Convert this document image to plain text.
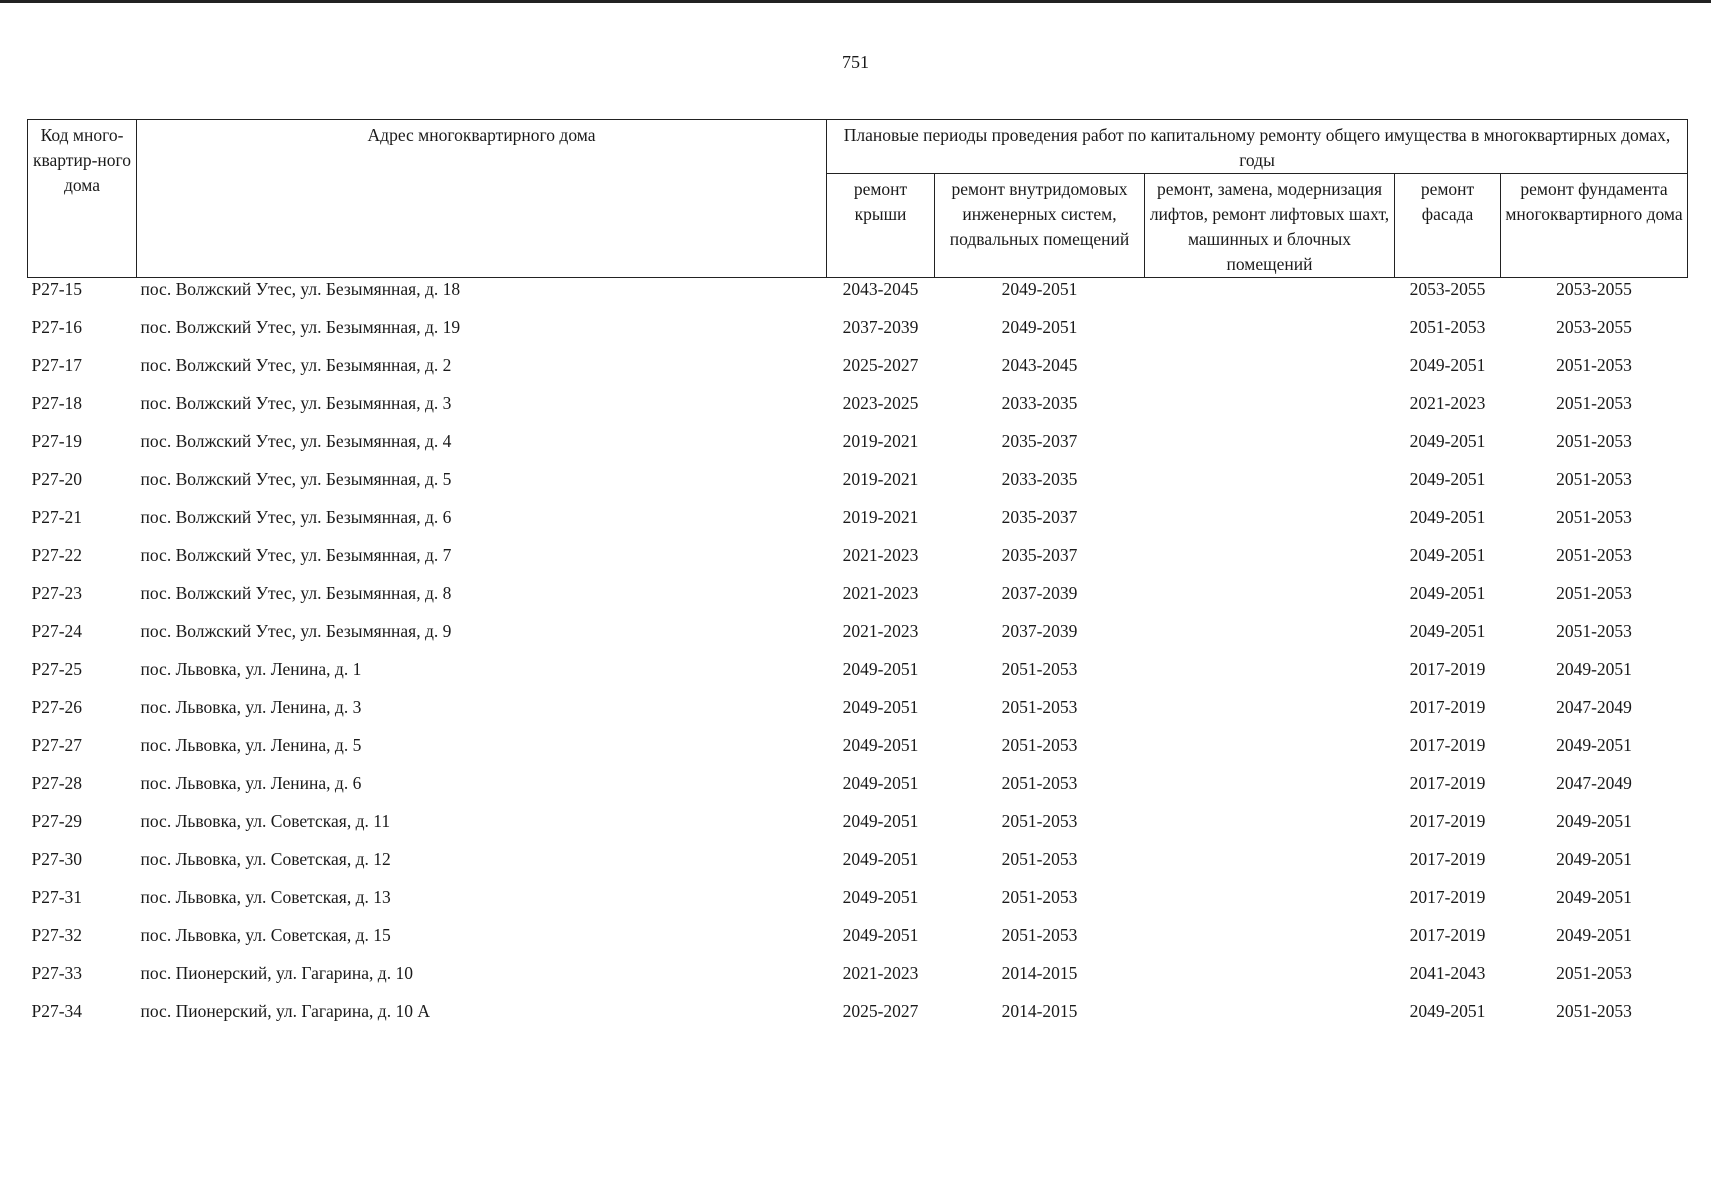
751
Код много-квартир-ного дома	Адрес многоквартирного дома	Плановые периоды проведения работ по капитальному ремонту общего имущества в многоквартирных домах, годы				
		ремонт крыши	ремонт внутридомовых инженерных систем, подвальных помещений	ремонт, замена, модернизация лифтов, ремонт лифтовых шахт, машинных и блочных помещений	ремонт фасада	ремонт фундамента многоквартирного дома
Р27-15	пос. Волжский Утес, ул. Безымянная, д. 18	2043-2045	2049-2051		2053-2055	2053-2055
Р27-16	пос. Волжский Утес, ул. Безымянная, д. 19	2037-2039	2049-2051		2051-2053	2053-2055
Р27-17	пос. Волжский Утес, ул. Безымянная, д. 2	2025-2027	2043-2045		2049-2051	2051-2053
Р27-18	пос. Волжский Утес, ул. Безымянная, д. 3	2023-2025	2033-2035		2021-2023	2051-2053
Р27-19	пос. Волжский Утес, ул. Безымянная, д. 4	2019-2021	2035-2037		2049-2051	2051-2053
Р27-20	пос. Волжский Утес, ул. Безымянная, д. 5	2019-2021	2033-2035		2049-2051	2051-2053
Р27-21	пос. Волжский Утес, ул. Безымянная, д. 6	2019-2021	2035-2037		2049-2051	2051-2053
Р27-22	пос. Волжский Утес, ул. Безымянная, д. 7	2021-2023	2035-2037		2049-2051	2051-2053
Р27-23	пос. Волжский Утес, ул. Безымянная, д. 8	2021-2023	2037-2039		2049-2051	2051-2053
Р27-24	пос. Волжский Утес, ул. Безымянная, д. 9	2021-2023	2037-2039		2049-2051	2051-2053
Р27-25	пос. Львовка, ул. Ленина, д. 1	2049-2051	2051-2053		2017-2019	2049-2051
Р27-26	пос. Львовка, ул. Ленина, д. 3	2049-2051	2051-2053		2017-2019	2047-2049
Р27-27	пос. Львовка, ул. Ленина, д. 5	2049-2051	2051-2053		2017-2019	2049-2051
Р27-28	пос. Львовка, ул. Ленина, д. 6	2049-2051	2051-2053		2017-2019	2047-2049
Р27-29	пос. Львовка, ул. Советская, д. 11	2049-2051	2051-2053		2017-2019	2049-2051
Р27-30	пос. Львовка, ул. Советская, д. 12	2049-2051	2051-2053		2017-2019	2049-2051
Р27-31	пос. Львовка, ул. Советская, д. 13	2049-2051	2051-2053		2017-2019	2049-2051
Р27-32	пос. Львовка, ул. Советская, д. 15	2049-2051	2051-2053		2017-2019	2049-2051
Р27-33	пос. Пионерский, ул. Гагарина, д. 10	2021-2023	2014-2015		2041-2043	2051-2053
Р27-34	пос. Пионерский, ул. Гагарина, д. 10 А	2025-2027	2014-2015		2049-2051	2051-2053
